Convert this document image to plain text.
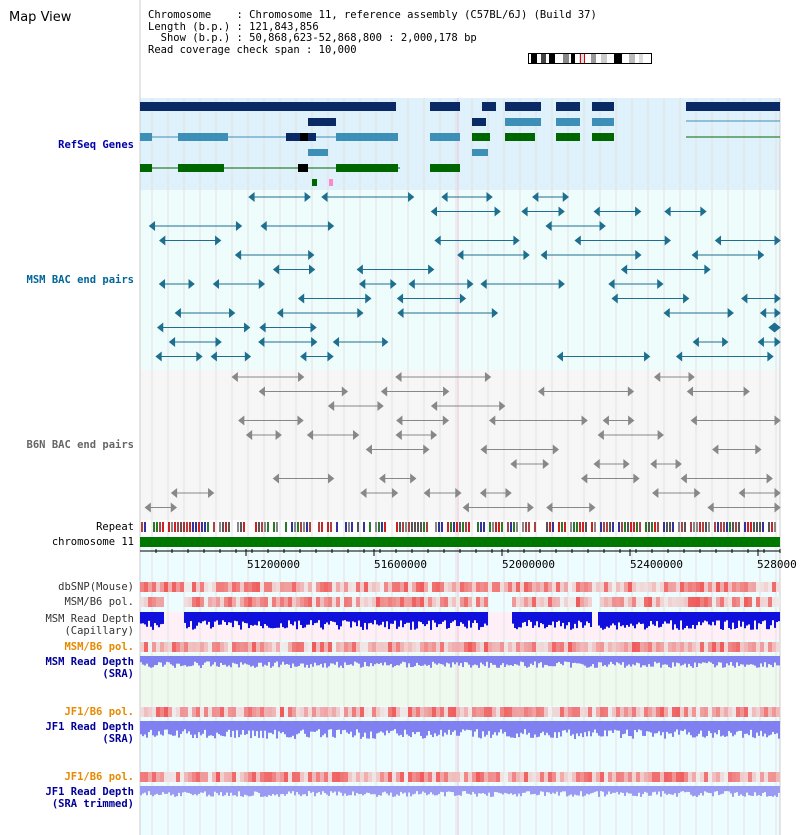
Map View	Chromosome    : Chromosome 11, reference assembly (C57BL/6J) (Build 37)
Length (b.p.) : 121,843,856
Show (b.p.) : 50,868,623-52,868,800 : 2,000,178 bp
Read coverage check span : 10,000
RefSeq Genes
MSM BAC end pairs
B6N BAC end pairs
Repeat
chromosome 11
dbSNP(Mouse)
MSM/B6 pol.
MSM Read Depth
(Capillary)
MSM/B6 pol.
MSM Read Depth
(SRA)
JF1/B6 pol.
JF1 Read Depth
(SRA)
JF1/B6 pol.
JF1 Read Depth
(SRA trimmed)
51200000	51600000	52000000	52400000	528000
